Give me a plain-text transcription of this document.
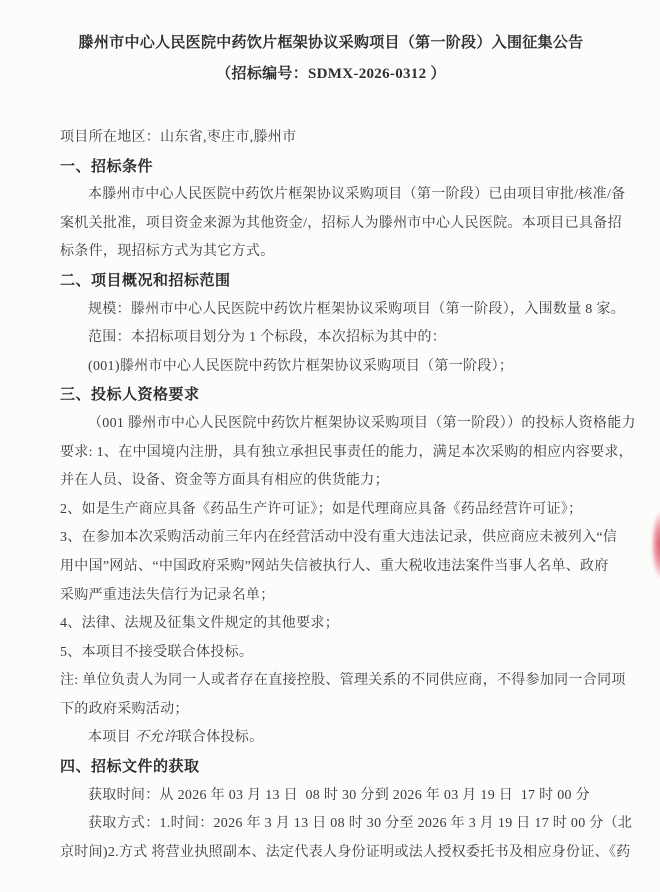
滕州市中心人民医院中药饮片框架协议采购项目（第一阶段）入围征集公告
（招标编号：SDMX-2026-0312 ）
项目所在地区：山东省,枣庄市,滕州市
一、招标条件
本滕州市中心人民医院中药饮片框架协议采购项目（第一阶段）已由项目审批/核准/备
案机关批准，项目资金来源为其他资金/，招标人为滕州市中心人民医院。本项目已具备招
标条件，现招标方式为其它方式。
二、项目概况和招标范围
规模：滕州市中心人民医院中药饮片框架协议采购项目（第一阶段），入围数量 8 家。
范围：本招标项目划分为 1 个标段，本次招标为其中的：
(001)滕州市中心人民医院中药饮片框架协议采购项目（第一阶段）；
三、投标人资格要求
（001 滕州市中心人民医院中药饮片框架协议采购项目（第一阶段））的投标人资格能力
要求: 1、在中国境内注册，具有独立承担民事责任的能力，满足本次采购的相应内容要求，
并在人员、设备、资金等方面具有相应的供货能力；
2、如是生产商应具备《药品生产许可证》；如是代理商应具备《药品经营许可证》；
3、在参加本次采购活动前三年内在经营活动中没有重大违法记录，供应商应未被列入“信
用中国”网站、“中国政府采购”网站失信被执行人、重大税收违法案件当事人名单、政府
采购严重违法失信行为记录名单；
4、法律、法规及征集文件规定的其他要求；
5、本项目不接受联合体投标。
注: 单位负责人为同一人或者存在直接控股、管理关系的不同供应商，不得参加同一合同项
下的政府采购活动；
本项目 不允许联合体投标。
四、招标文件的获取
获取时间：从 2026 年 03 月 13 日  08 时 30 分到 2026 年 03 月 19 日  17 时 00 分
获取方式：1.时间：2026 年 3 月 13 日 08 时 30 分至 2026 年 3 月 19 日 17 时 00 分（北
京时间)2.方式 将营业执照副本、法定代表人身份证明或法人授权委托书及相应身份证、《药
